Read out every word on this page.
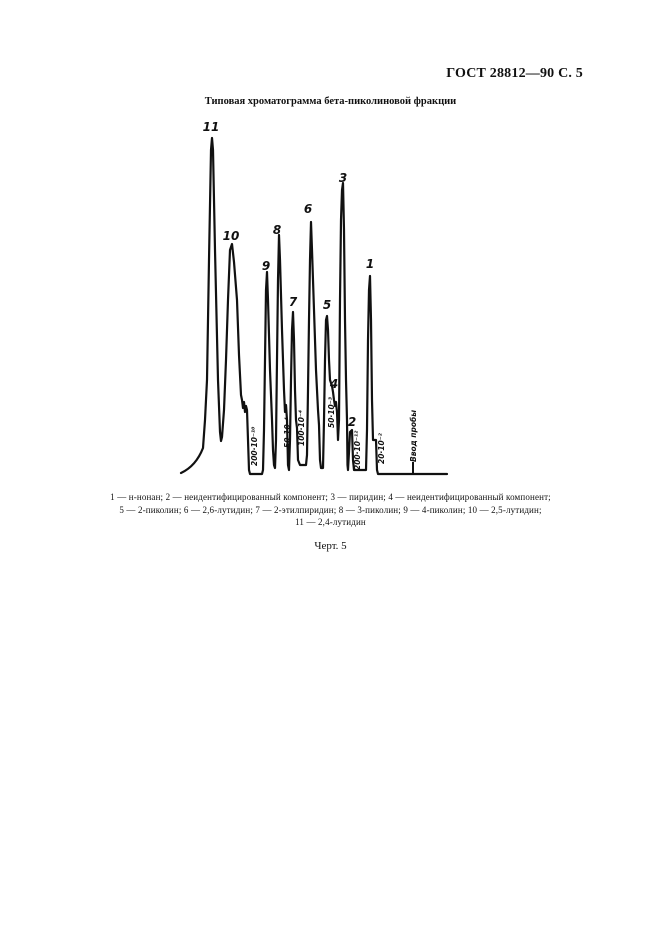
ГОСТ 28812—90 С. 5
Типовая хроматограмма бета-пиколиновой фракции
1
2
3
4
5
6
7
8
9
10
11
200·10⁻¹⁰	50·10⁻⁴ 100·10⁻⁴	50·10⁻³
200·10⁻¹² 20·10⁻²	Ввод пробы

1 — н-нонан; 2 — неидентифицированный компонент; 3 — пиридин; 4 — неидентифицированный компонент;

5 — 2-пиколин; 6 — 2,6-лутидин; 7 — 2-этилпиридин; 8 — 3-пиколин; 9 — 4-пиколин; 10 — 2,5-лутидин;

11 — 2,4-лутидин

Черт. 5
